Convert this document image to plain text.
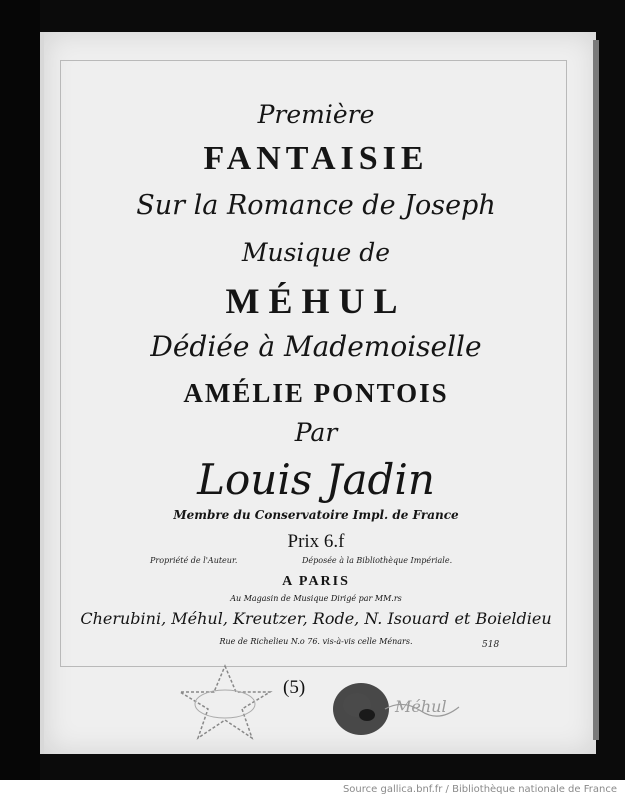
Première
FANTAISIE
Sur la Romance de Joseph
Musique de
MÉHUL
Dédiée à Mademoiselle
AMÉLIE PONTOIS
Par
Louis Jadin
Membre du Conservatoire Impl. de France
Prix 6.f
Propriété de l'Auteur.	Déposée à la Bibliothèque Impériale.
A PARIS
Au Magasin de Musique Dirigé par MM.rs
Cherubini, Méhul, Kreutzer, Rode, N. Isouard et Boieldieu
Rue de Richelieu N.o 76. vis-à-vis celle Ménars.	518
(5)
Méhul
Source gallica.bnf.fr / Bibliothèque nationale de France
